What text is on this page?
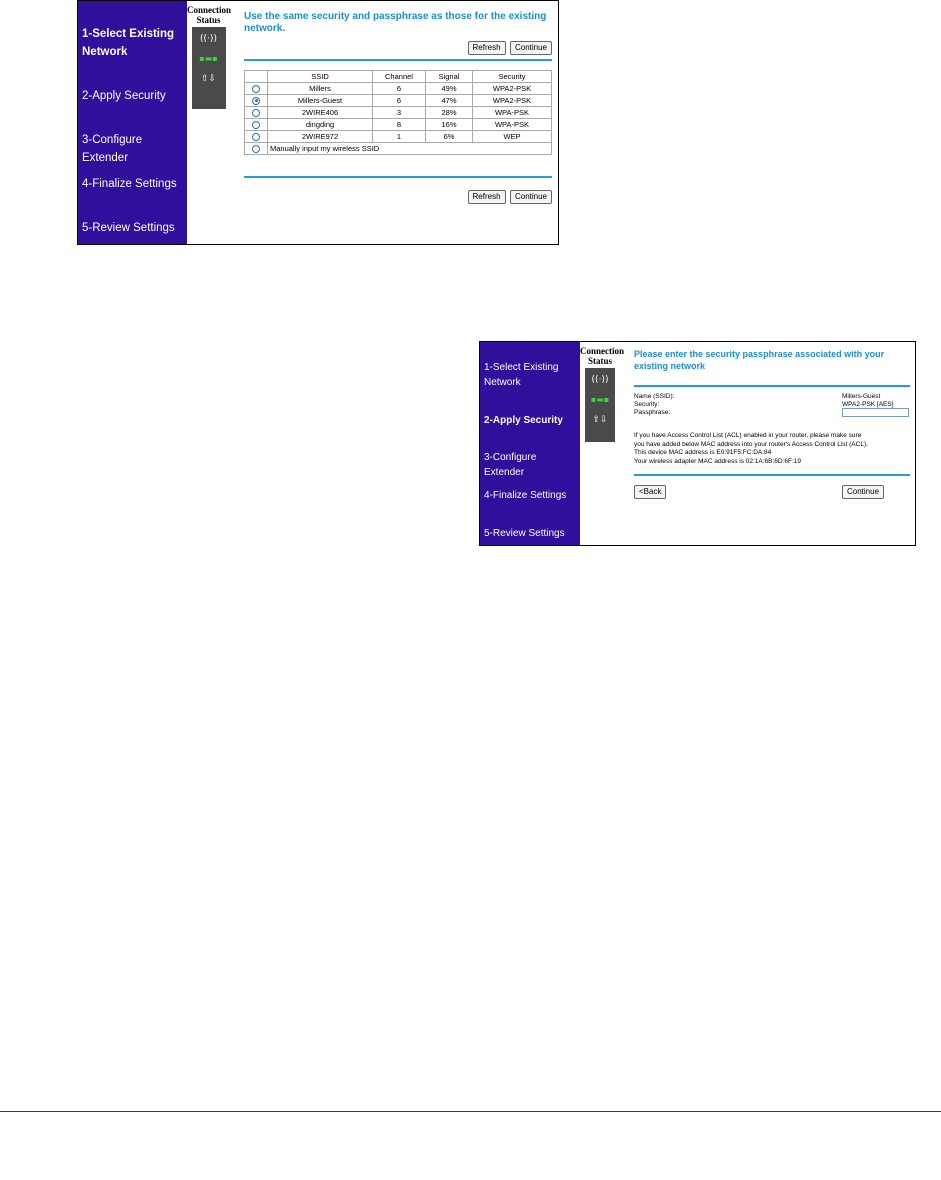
1-Select Existing Network
2-Apply Security
3-Configure Extender
4-Finalize Settings
5-Review Settings
Connection Status
((·))
▪▬▪
⇧⇩
Use the same security and passphrase as those for the existing network.
Refresh Continue
	SSID	Channel	Signal	Security
	Millers	6	49%	WPA2-PSK
	Millers-Guest	6	47%	WPA2-PSK
	2WIRE406	3	28%	WPA-PSK
	dingding	8	16%	WPA-PSK
	2WIRE972	1	6%	WEP
	Manually input my wireless SSID			
Refresh Continue
1-Select Existing Network
2-Apply Security
3-Configure Extender
4-Finalize Settings
5-Review Settings
Connection Status
((·))
▪▬▪
⇧⇩
Please enter the security passphrase associated with your existing network
Name (SSID):	Millers-Guest
Security:	WPA2-PSK [AES]
Passphrase:
If you have Access Control List (ACL) enabled in your router, please make sure
you have added below MAC address into your router's Access Control List (ACL).
This device MAC address is E0:91F5:FC:DA:84
Your wireless adapter MAC address is 02:1A:6B:6D:6F:19
<Back	Continue
